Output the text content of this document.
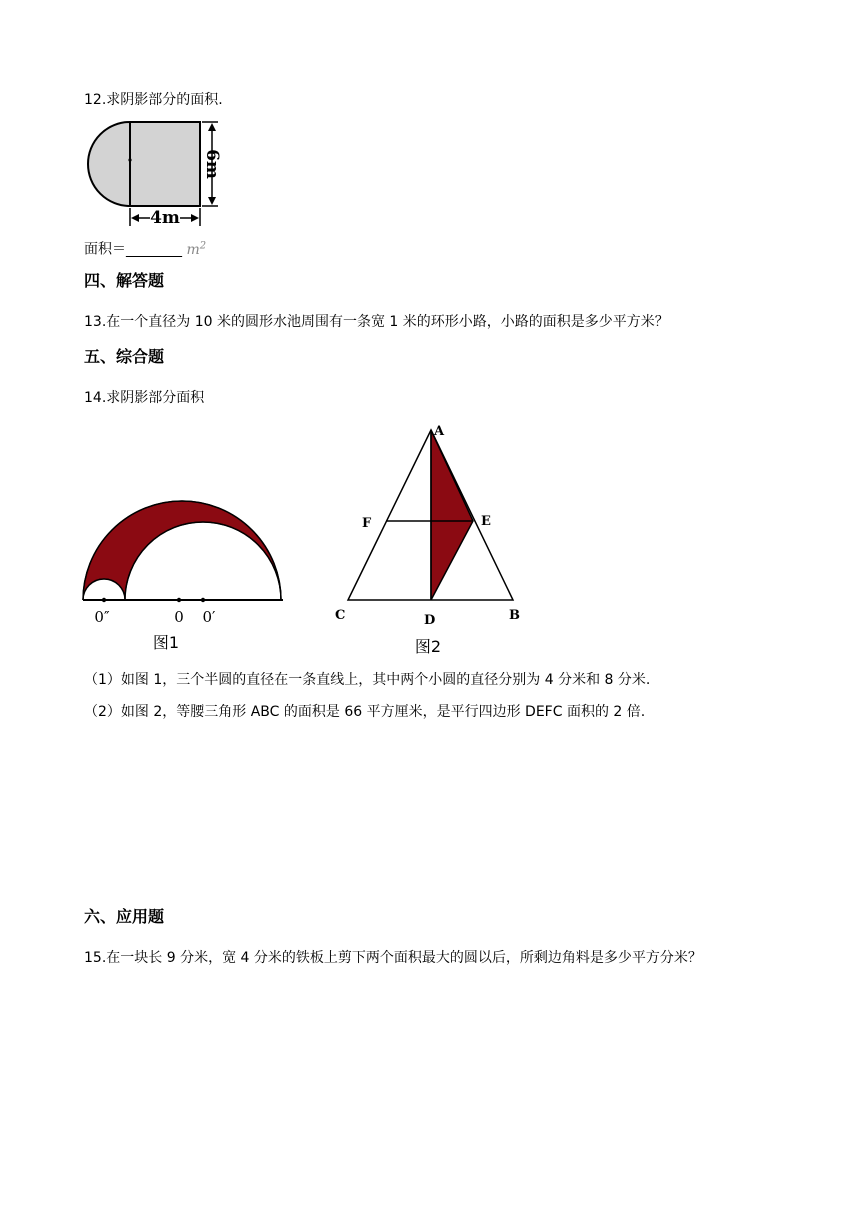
12.求阴影部分的面积.
6m
4m
面积＝________ $m^2$
四、解答题
13.在一个直径为 10 米的圆形水池周围有一条宽 1 米的环形小路，小路的面积是多少平方米？
五、综合题
14.求阴影部分面积
0″	0 0′
图1
A
E
F
C	D	B
图2
（1）如图 1，三个半圆的直径在一条直线上，其中两个小圆的直径分别为 4 分米和 8 分米.
（2）如图 2，等腰三角形 ABC 的面积是 66 平方厘米，是平行四边形 DEFC 面积的 2 倍.
六、应用题
15.在一块长 9 分米，宽 4 分米的铁板上剪下两个面积最大的圆以后，所剩边角料是多少平方分米？
